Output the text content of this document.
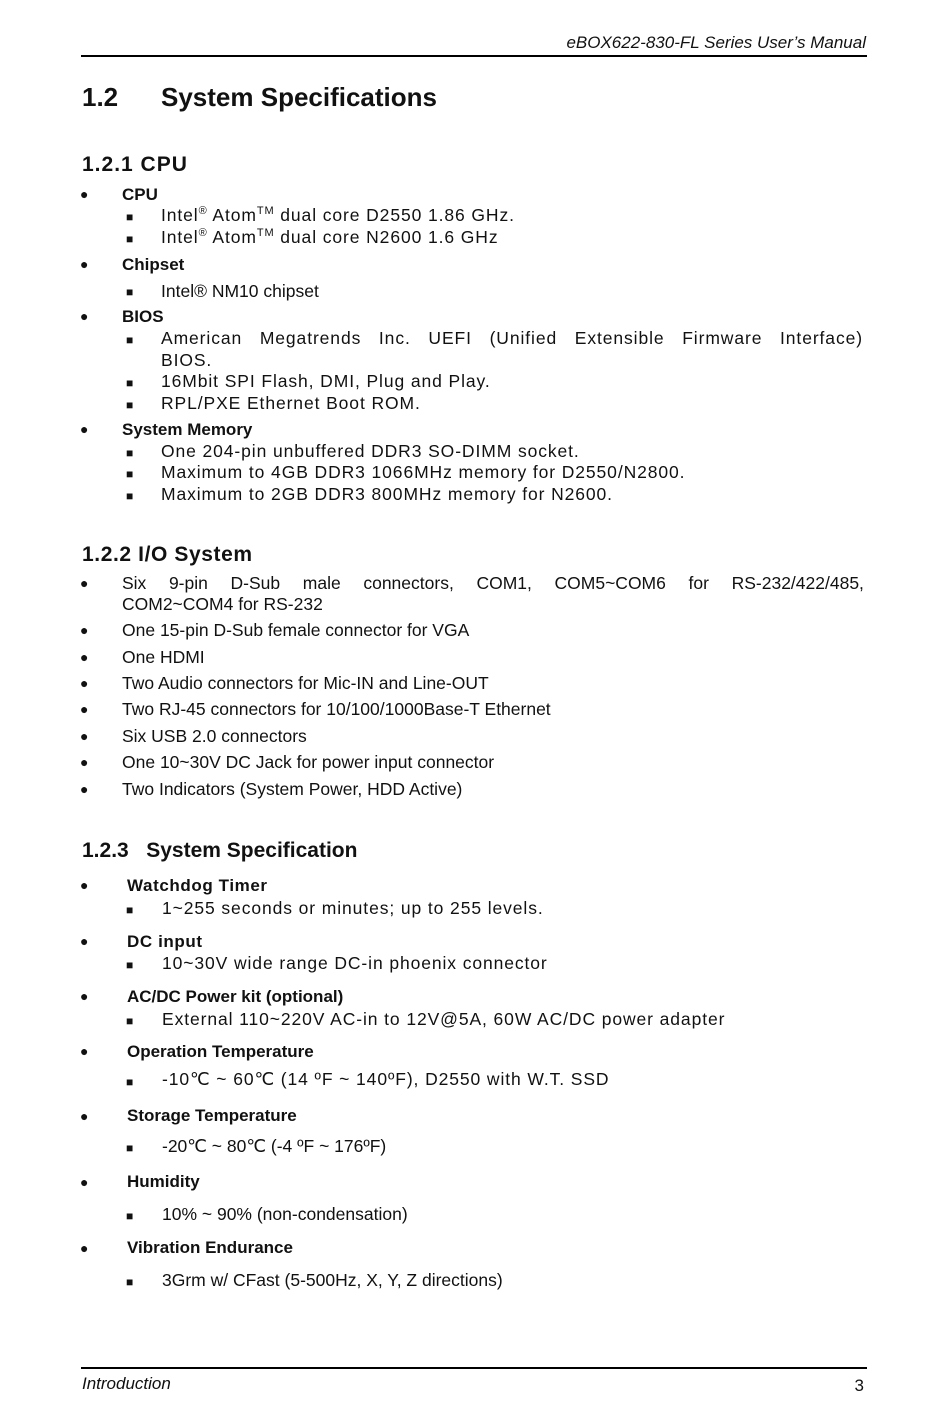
eBOX622-830-FL Series User’s Manual
1.2 System Specifications
1.2.1 CPU
● CPU
■ Intel® Atom™ dual core D2550 1.86 GHz.
■ Intel® Atom™ dual core N2600 1.6 GHz
● Chipset
■ Intel® NM10 chipset
● BIOS
■ American Megatrends Inc. UEFI (Unified Extensible Firmware Interface)
BIOS.
■ 16Mbit SPI Flash, DMI, Plug and Play.
■ RPL/PXE Ethernet Boot ROM.
● System Memory
■ One 204-pin unbuffered DDR3 SO-DIMM socket.
■ Maximum to 4GB DDR3 1066MHz memory for D2550/N2800.
■ Maximum to 2GB DDR3 800MHz memory for N2600.
1.2.2 I/O System
● Six 9-pin D-Sub male connectors, COM1, COM5~COM6 for RS-232/422/485,
COM2~COM4 for RS-232
● One 15-pin D-Sub female connector for VGA
● One HDMI
● Two Audio connectors for Mic-IN and Line-OUT
● Two RJ-45 connectors for 10/100/1000Base-T Ethernet
● Six USB 2.0 connectors
● One 10~30V DC Jack for power input connector
● Two Indicators (System Power, HDD Active)
1.2.3   System Specification
● Watchdog Timer
■ 1~255 seconds or minutes; up to 255 levels.
● DC input
■ 10~30V wide range DC-in phoenix connector
● AC/DC Power kit (optional)
■ External 110~220V AC-in to 12V@5A, 60W AC/DC power adapter
● Operation Temperature
■ -10℃ ~ 60℃ (14 ºF ~ 140ºF), D2550 with W.T. SSD
● Storage Temperature
■ -20℃ ~ 80℃ (-4 ºF ~ 176ºF)
● Humidity
■ 10% ~ 90% (non-condensation)
● Vibration Endurance
■ 3Grm w/ CFast (5-500Hz, X, Y, Z directions)
Introduction	3
